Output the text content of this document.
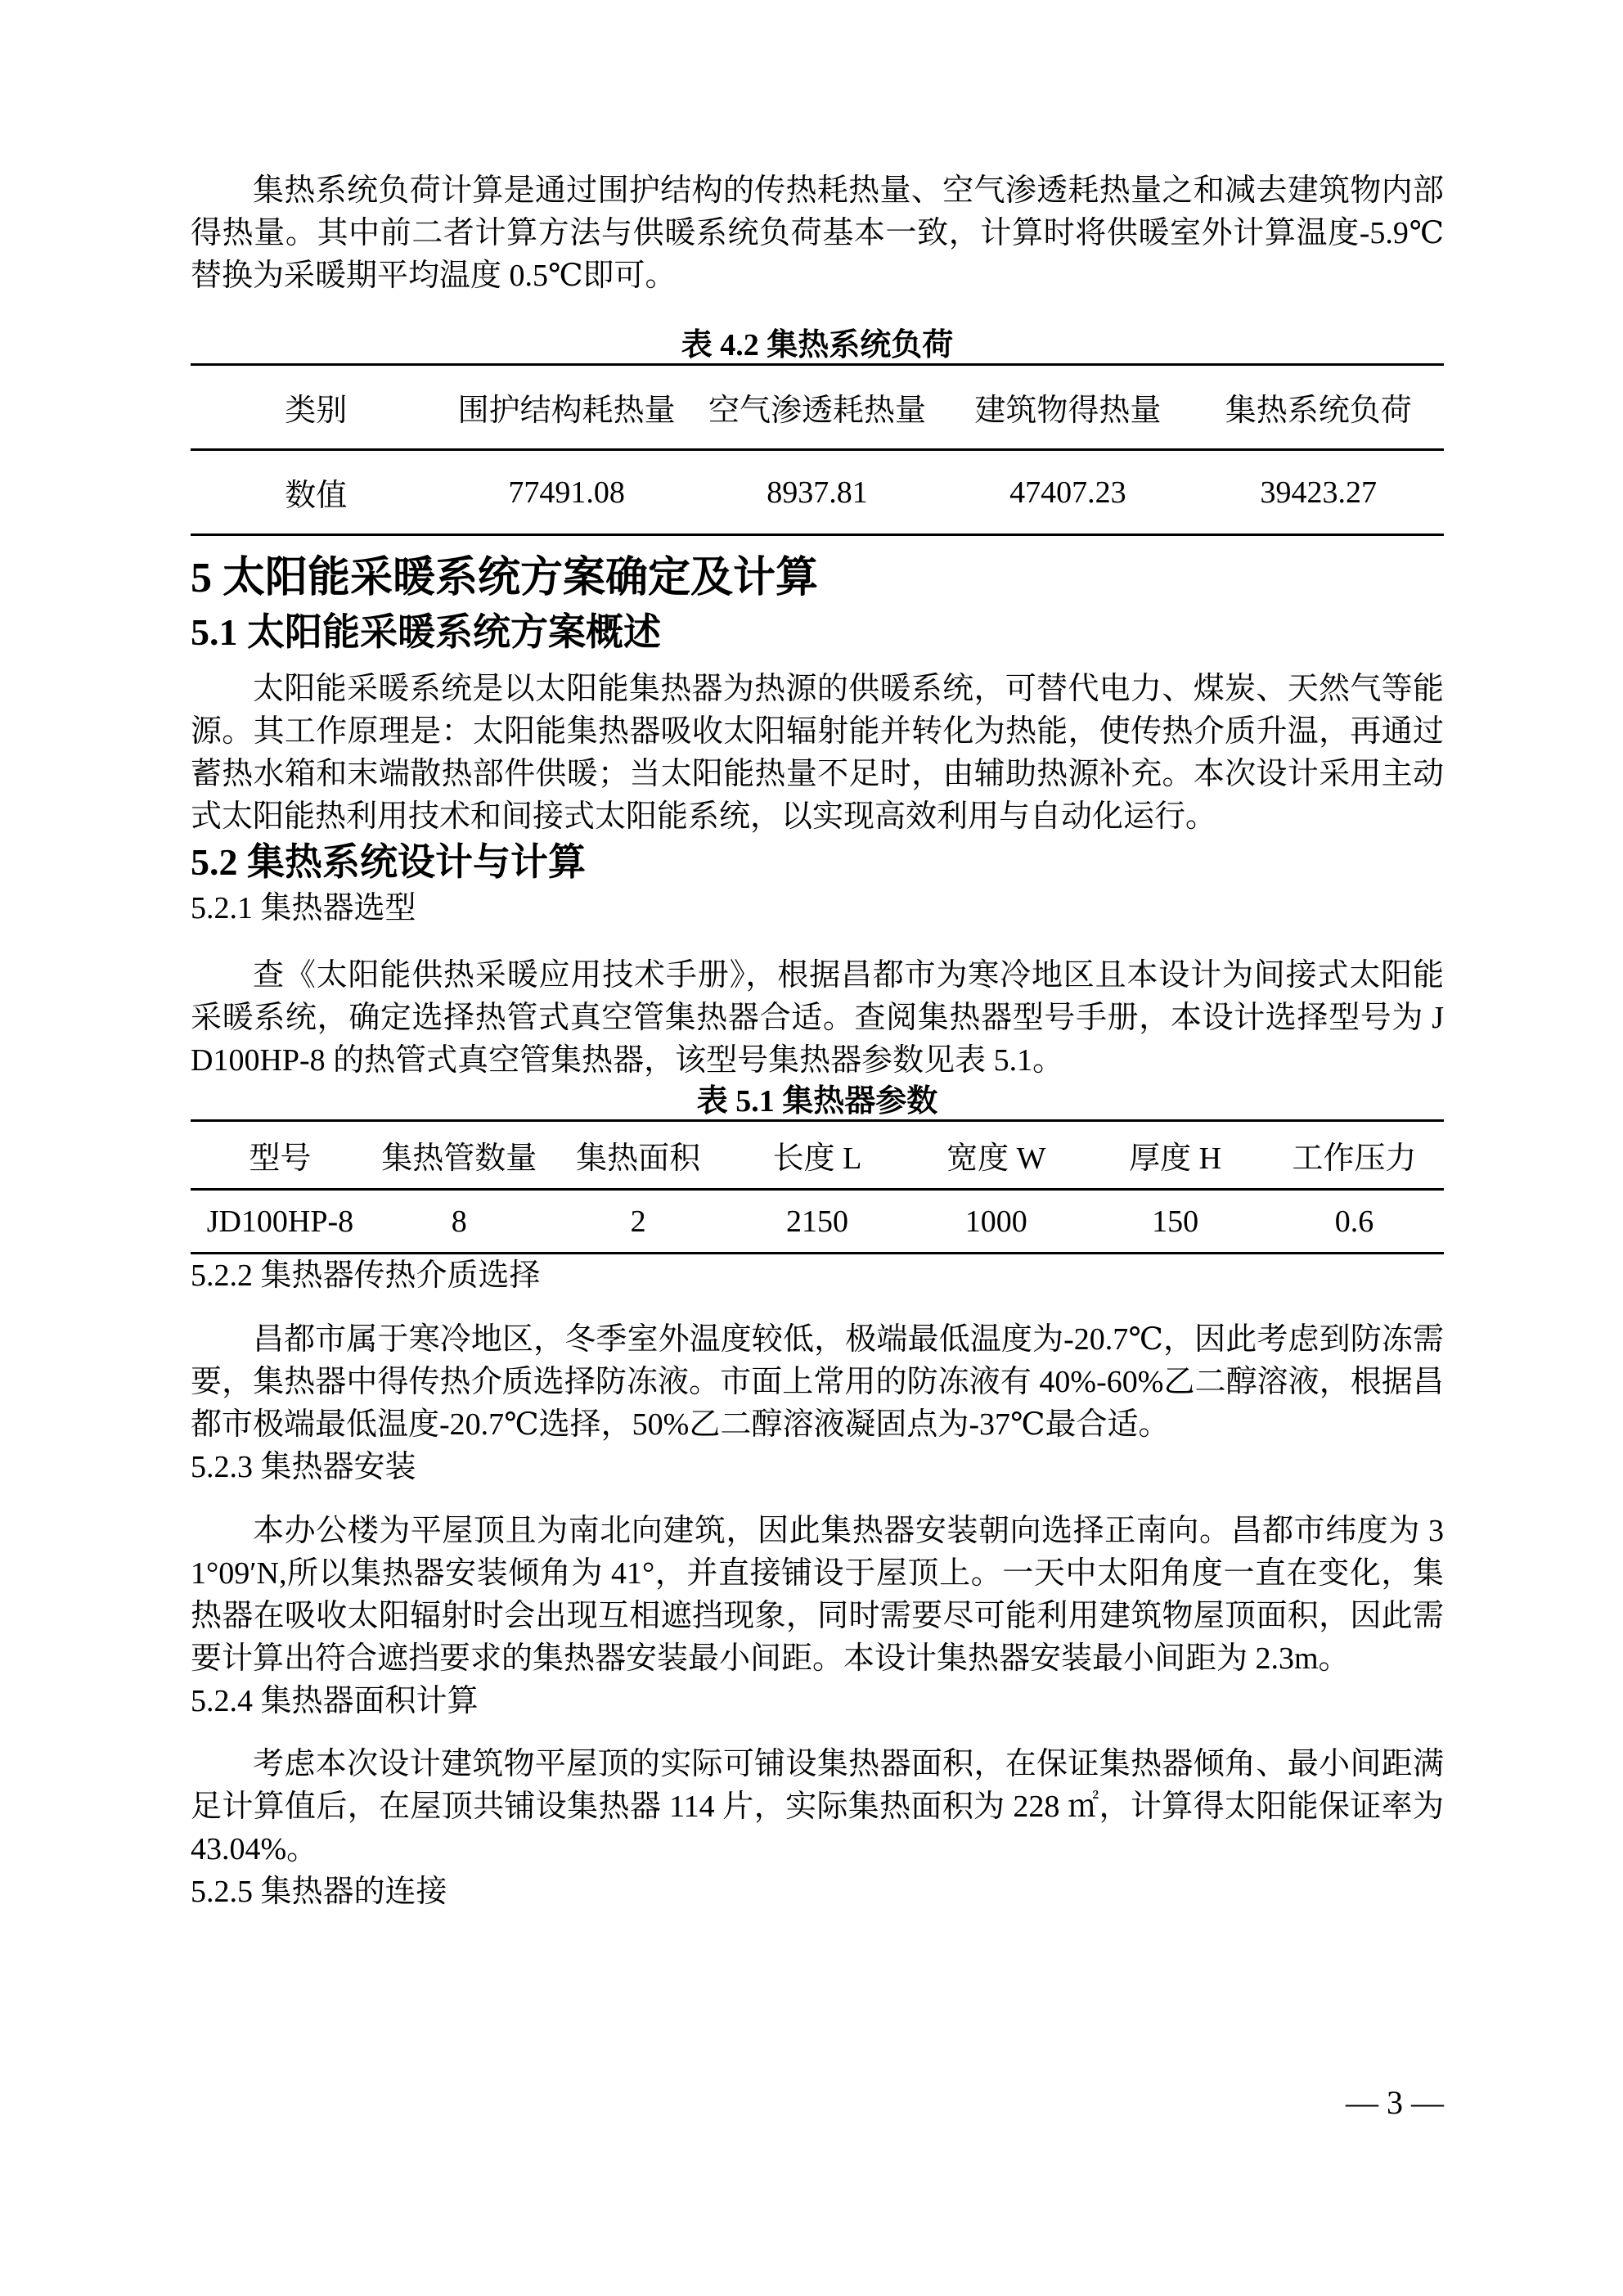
集热系统负荷计算是通过围护结构的传热耗热量、空气渗透耗热量之和减去建筑物内部得热量。其中前二者计算方法与供暖系统负荷基本一致，计算时将供暖室外计算温度-5.9℃替换为采暖期平均温度 0.5℃即可。

表 4.2 集热系统负荷
类别	围护结构耗热量	空气渗透耗热量	建筑物得热量	集热系统负荷
数值	77491.08	8937.81	47407.23	39423.27
5 太阳能采暖系统方案确定及计算
5.1 太阳能采暖系统方案概述

太阳能采暖系统是以太阳能集热器为热源的供暖系统，可替代电力、煤炭、天然气等能源。其工作原理是：太阳能集热器吸收太阳辐射能并转化为热能，使传热介质升温，再通过蓄热水箱和末端散热部件供暖；当太阳能热量不足时，由辅助热源补充。本次设计采用主动式太阳能热利用技术和间接式太阳能系统，以实现高效利用与自动化运行。

5.2 集热系统设计与计算
5.2.1 集热器选型

查《太阳能供热采暖应用技术手册》，根据昌都市为寒冷地区且本设计为间接式太阳能采暖系统，确定选择热管式真空管集热器合适。查阅集热器型号手册，本设计选择型号为 JD100HP-8 的热管式真空管集热器，该型号集热器参数见表 5.1。

表 5.1 集热器参数
型号	集热管数量	集热面积	长度 L	宽度 W	厚度 H	工作压力
JD100HP-8	8	2	2150	1000	150	0.6
5.2.2 集热器传热介质选择

昌都市属于寒冷地区，冬季室外温度较低，极端最低温度为-20.7℃，因此考虑到防冻需要，集热器中得传热介质选择防冻液。市面上常用的防冻液有 40%-60%乙二醇溶液，根据昌都市极端最低温度-20.7℃选择，50%乙二醇溶液凝固点为-37℃最合适。

5.2.3 集热器安装

本办公楼为平屋顶且为南北向建筑，因此集热器安装朝向选择正南向。昌都市纬度为 31°09′N,所以集热器安装倾角为 41°，并直接铺设于屋顶上。一天中太阳角度一直在变化，集热器在吸收太阳辐射时会出现互相遮挡现象，同时需要尽可能利用建筑物屋顶面积，因此需要计算出符合遮挡要求的集热器安装最小间距。本设计集热器安装最小间距为 2.3m。

5.2.4 集热器面积计算

考虑本次设计建筑物平屋顶的实际可铺设集热器面积，在保证集热器倾角、最小间距满足计算值后，在屋顶共铺设集热器 114 片，实际集热面积为 228 ㎡，计算得太阳能保证率为 43.04%。

5.2.5 集热器的连接
— 3 —
